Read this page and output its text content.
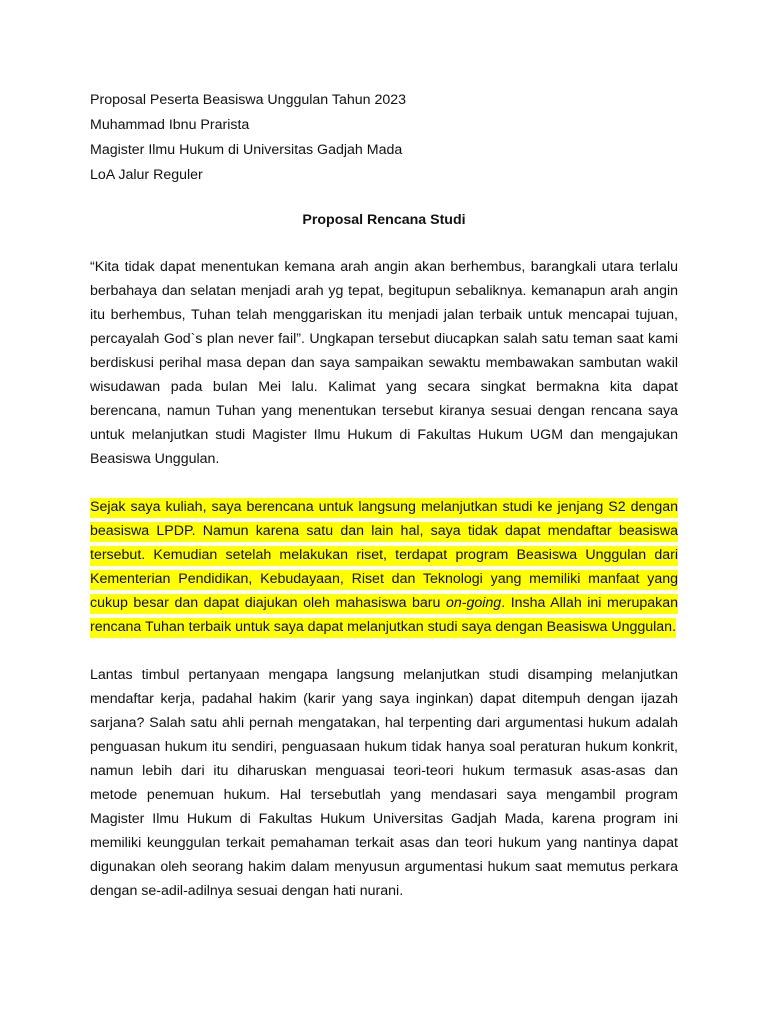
Proposal Peserta Beasiswa Unggulan Tahun 2023

Muhammad Ibnu Prarista

Magister Ilmu Hukum di Universitas Gadjah Mada

LoA Jalur Reguler

Proposal Rencana Studi

“Kita tidak dapat menentukan kemana arah angin akan berhembus, barangkali utara terlalu berbahaya dan selatan menjadi arah yg tepat, begitupun sebaliknya. kemanapun arah angin itu berhembus, Tuhan telah menggariskan itu menjadi jalan terbaik untuk mencapai tujuan, percayalah God`s plan never fail”. Ungkapan tersebut diucapkan salah satu teman saat kami berdiskusi perihal masa depan dan saya sampaikan sewaktu membawakan sambutan wakil wisudawan pada bulan Mei lalu. Kalimat yang secara singkat bermakna kita dapat berencana, namun Tuhan yang menentukan tersebut kiranya sesuai dengan rencana saya untuk melanjutkan studi Magister Ilmu Hukum di Fakultas Hukum UGM dan mengajukan Beasiswa Unggulan.

Sejak saya kuliah, saya berencana untuk langsung melanjutkan studi ke jenjang S2 dengan beasiswa LPDP. Namun karena satu dan lain hal, saya tidak dapat mendaftar beasiswa tersebut. Kemudian setelah melakukan riset, terdapat program Beasiswa Unggulan dari Kementerian Pendidikan, Kebudayaan, Riset dan Teknologi yang memiliki manfaat yang cukup besar dan dapat diajukan oleh mahasiswa baru on-going. Insha Allah ini merupakan rencana Tuhan terbaik untuk saya dapat melanjutkan studi saya dengan Beasiswa Unggulan.

Lantas timbul pertanyaan mengapa langsung melanjutkan studi disamping melanjutkan mendaftar kerja, padahal hakim (karir yang saya inginkan) dapat ditempuh dengan ijazah sarjana? Salah satu ahli pernah mengatakan, hal terpenting dari argumentasi hukum adalah penguasan hukum itu sendiri, penguasaan hukum tidak hanya soal peraturan hukum konkrit, namun lebih dari itu diharuskan menguasai teori-teori hukum termasuk asas-asas dan metode penemuan hukum. Hal tersebutlah yang mendasari saya mengambil program Magister Ilmu Hukum di Fakultas Hukum Universitas Gadjah Mada, karena program ini memiliki keunggulan terkait pemahaman terkait asas dan teori hukum yang nantinya dapat digunakan oleh seorang hakim dalam menyusun argumentasi hukum saat memutus perkara dengan se-adil-adilnya sesuai dengan hati nurani.
